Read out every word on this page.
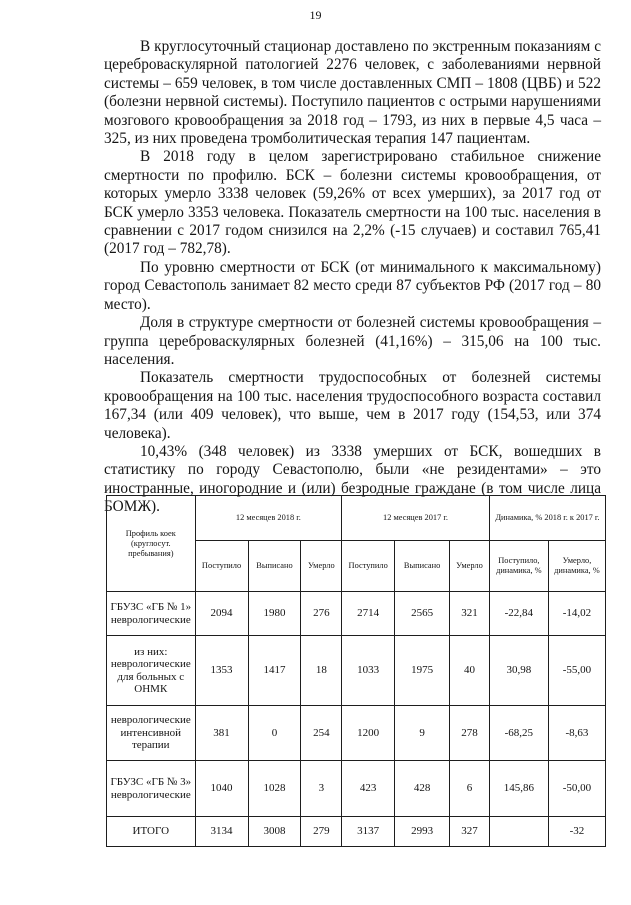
19

В круглосуточный стационар доставлено по экстренным показаниям с цереброваскулярной патологией 2276 человек, с заболеваниями нервной системы – 659 человек, в том числе доставленных СМП – 1808 (ЦВБ) и 522 (болезни нервной системы). Поступило пациентов с острыми нарушениями мозгового кровообращения за 2018 год – 1793, из них в первые 4,5 часа – 325, из них проведена тромболитическая терапия 147 пациентам.

В 2018 году в целом зарегистрировано стабильное снижение смертности по профилю. БСК – болезни системы кровообращения, от которых умерло 3338 человек (59,26% от всех умерших), за 2017 год от БСК умерло 3353 человека. Показатель смертности на 100 тыс. населения в сравнении с 2017 годом снизился на 2,2% (-15 случаев) и составил 765,41 (2017 год – 782,78).

По уровню смертности от БСК (от минимального к максимальному) город Севастополь занимает 82 место среди 87 субъектов РФ (2017 год – 80 место).

Доля в структуре смертности от болезней системы кровообращения – группа цереброваскулярных болезней (41,16%) – 315,06 на 100 тыс. населения.

Показатель смертности трудоспособных от болезней системы кровообращения на 100 тыс. населения трудоспособного возраста составил 167,34 (или 409 человек), что выше, чем в 2017 году (154,53, или 374 человека).

10,43% (348 человек) из 3338 умерших от БСК, вошедших в статистику по городу Севастополю, были «не резидентами» – это иностранные, иногородние и (или) безродные граждане (в том числе лица БОМЖ).

Профиль коек (круглосут. пребывания)	12 месяцев 2018 г.			12 месяцев 2017 г.			Динамика, % 2018 г. к 2017 г.	
	Поступило	Выписано	Умерло	Поступило	Выписано	Умерло	Поступило, динамика, %	Умерло, динамика, %
ГБУЗС «ГБ № 1» неврологические	2094	1980	276	2714	2565	321	-22,84	-14,02
из них: неврологические для больных с ОНМК	1353	1417	18	1033	1975	40	30,98	-55,00
неврологические интенсивной терапии	381	0	254	1200	9	278	-68,25	-8,63
ГБУЗС «ГБ № 3» неврологические	1040	1028	3	423	428	6	145,86	-50,00
ИТОГО	3134	3008	279	3137	2993	327		-32
